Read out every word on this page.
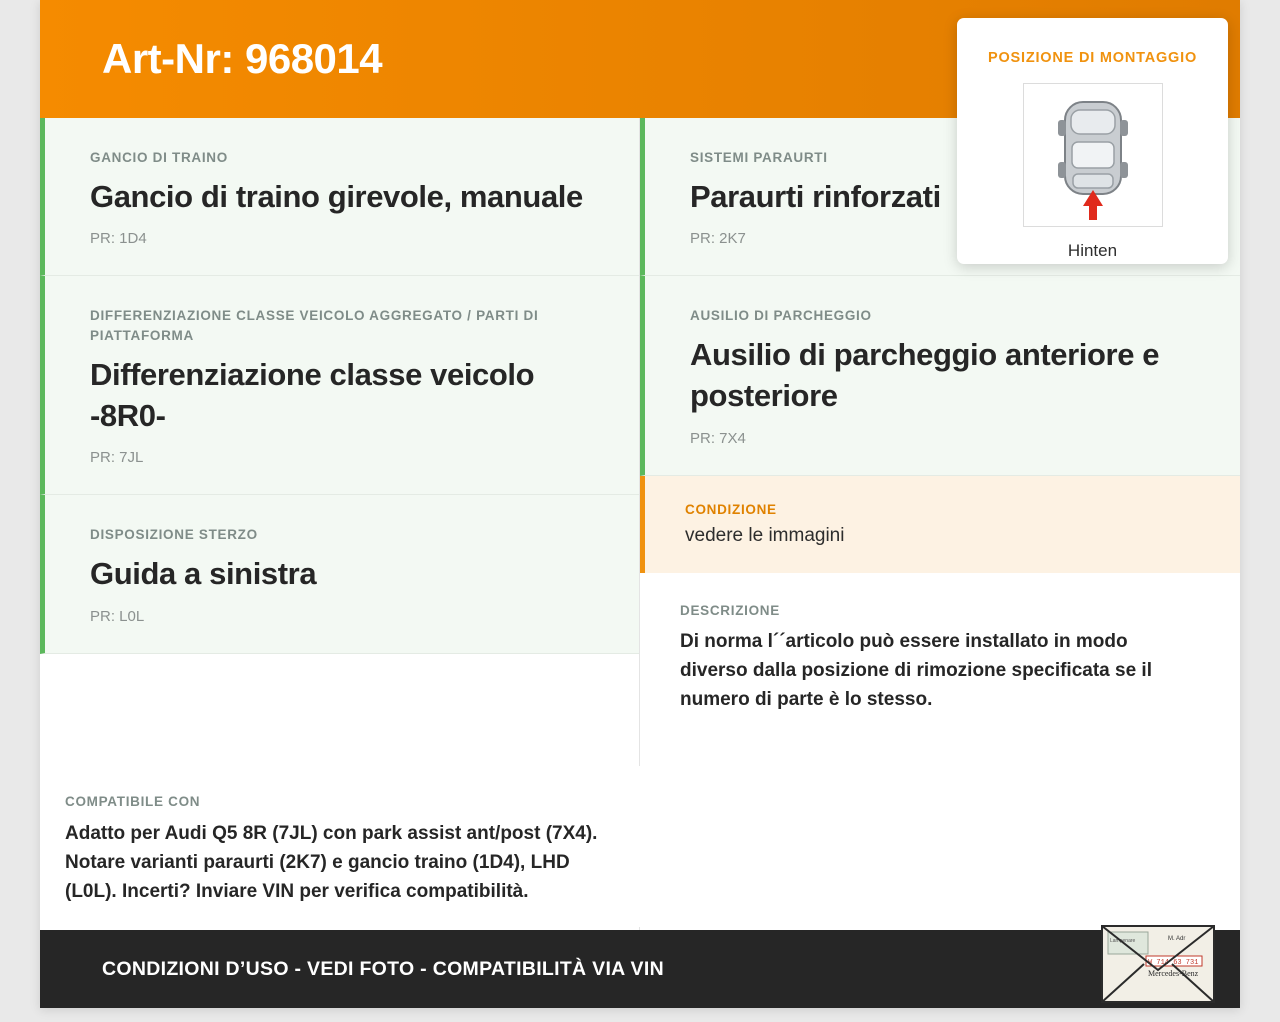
Art-Nr: 968014
GANCIO DI TRAINO
Gancio di traino girevole, manuale
PR: 1D4
DIFFERENZIAZIONE CLASSE VEICOLO AGGREGATO / PARTI DI PIATTAFORMA
Differenziazione classe veicolo -8R0-
PR: 7JL
DISPOSIZIONE STERZO
Guida a sinistra
PR: L0L
SISTEMI PARAURTI
Paraurti rinforzati
PR: 2K7
AUSILIO DI PARCHEGGIO
Ausilio di parcheggio anteriore e posteriore
PR: 7X4
CONDIZIONE
vedere le immagini
DESCRIZIONE
Di norma l´´articolo può essere installato in modo diverso dalla posizione di rimozione specificata se il numero di parte è lo stesso.
COMPATIBILE CON
Adatto per Audi Q5 8R (7JL) con park assist ant/post (7X4). Notare varianti paraurti (2K7) e gancio traino (1D4), LHD (L0L). Incerti? Inviare VIN per verifica compatibilità.
CONDIZIONI D’USO - VEDI FOTO - COMPATIBILITÀ VIA VIN
Lampenare	M. Adr
W 714 63 731
Mercedes-Benz
POSIZIONE DI MONTAGGIO
Hinten
